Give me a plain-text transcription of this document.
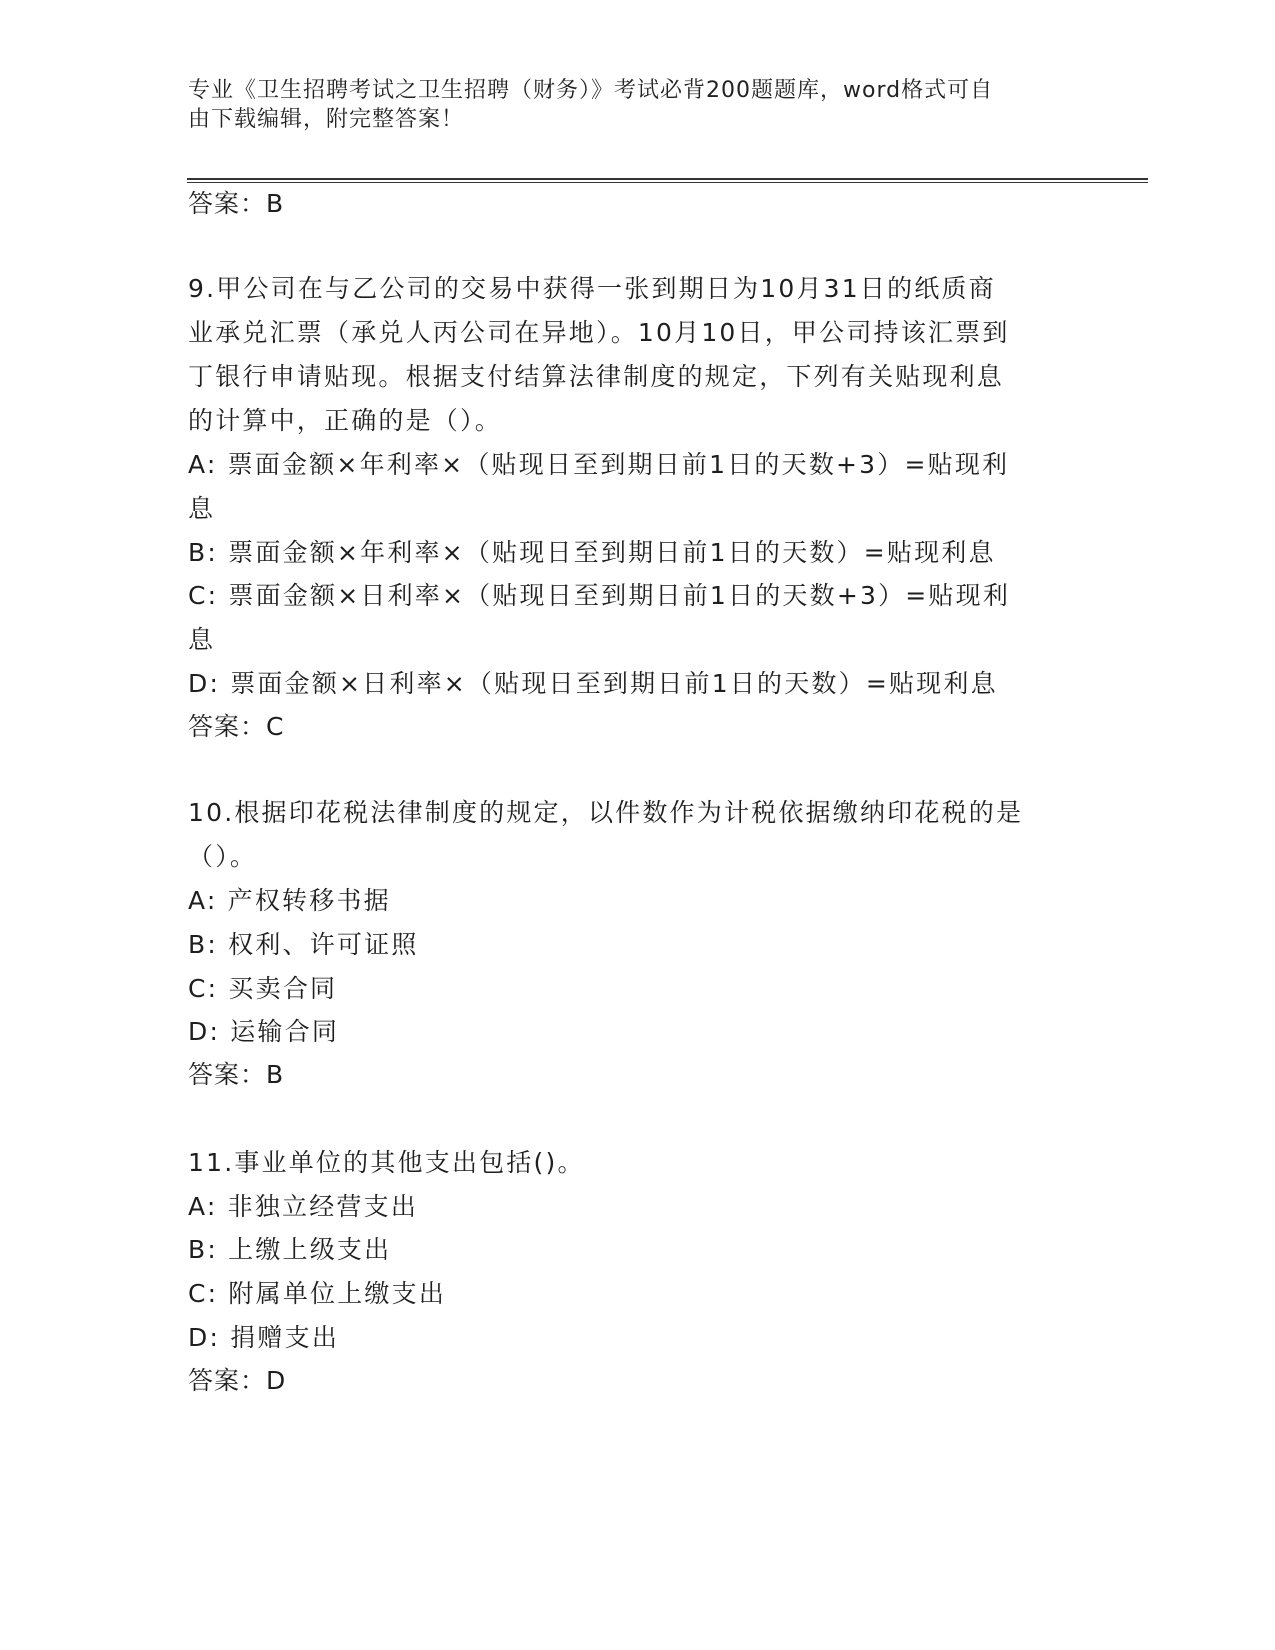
专业《卫生招聘考试之卫生招聘（财务）》考试必背200题题库，word格式可自
由下载编辑，附完整答案！
答案：B
9.甲公司在与乙公司的交易中获得一张到期日为10月31日的纸质商
业承兑汇票（承兑人丙公司在异地）。10月10日，甲公司持该汇票到
丁银行申请贴现。根据支付结算法律制度的规定，下列有关贴现利息
的计算中，正确的是（）。
A: 票面金额×年利率×（贴现日至到期日前1日的天数+3）=贴现利
息
B: 票面金额×年利率×（贴现日至到期日前1日的天数）=贴现利息
C: 票面金额×日利率×（贴现日至到期日前1日的天数+3）=贴现利
息
D: 票面金额×日利率×（贴现日至到期日前1日的天数）=贴现利息
答案：C
10.根据印花税法律制度的规定，以件数作为计税依据缴纳印花税的是
（）。
A: 产权转移书据
B: 权利、许可证照
C: 买卖合同
D: 运输合同
答案：B
11.事业单位的其他支出包括()。
A: 非独立经营支出
B: 上缴上级支出
C: 附属单位上缴支出
D: 捐赠支出
答案：D
